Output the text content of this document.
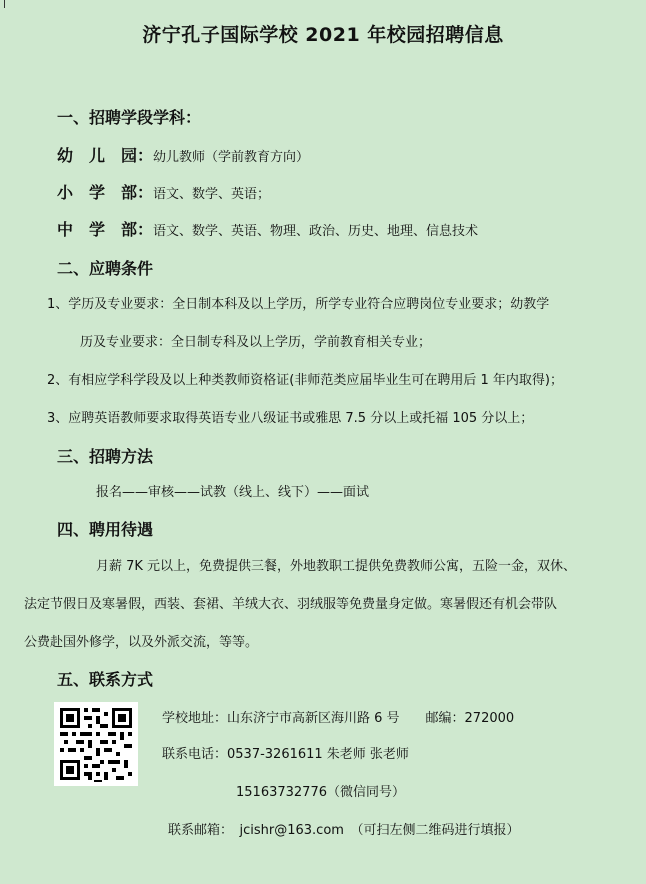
济宁孔子国际学校 2021 年校园招聘信息
一、招聘学段学科：
幼　儿　园：幼儿教师（学前教育方向）
小　学　部：语文、数学、英语；
中　学　部：语文、数学、英语、物理、政治、历史、地理、信息技术
二、应聘条件
1、学历及专业要求：全日制本科及以上学历，所学专业符合应聘岗位专业要求；幼教学
历及专业要求：全日制专科及以上学历，学前教育相关专业；
2、有相应学科学段及以上种类教师资格证(非师范类应届毕业生可在聘用后 1 年内取得)；
3、应聘英语教师要求取得英语专业八级证书或雅思 7.5 分以上或托福 105 分以上；
三、招聘方法
报名——审核——试教（线上、线下）——面试
四、聘用待遇
月薪 7K 元以上，免费提供三餐，外地教职工提供免费教师公寓，五险一金，双休、
法定节假日及寒暑假，西装、套裙、羊绒大衣、羽绒服等免费量身定做。寒暑假还有机会带队
公费赴国外修学，以及外派交流，等等。
五、联系方式
学校地址：山东济宁市高新区海川路 6 号　　邮编：272000
联系电话：0537-3261611 朱老师 张老师
15163732776（微信同号）
联系邮箱：　jcishr@163.com　（可扫左侧二维码进行填报）
